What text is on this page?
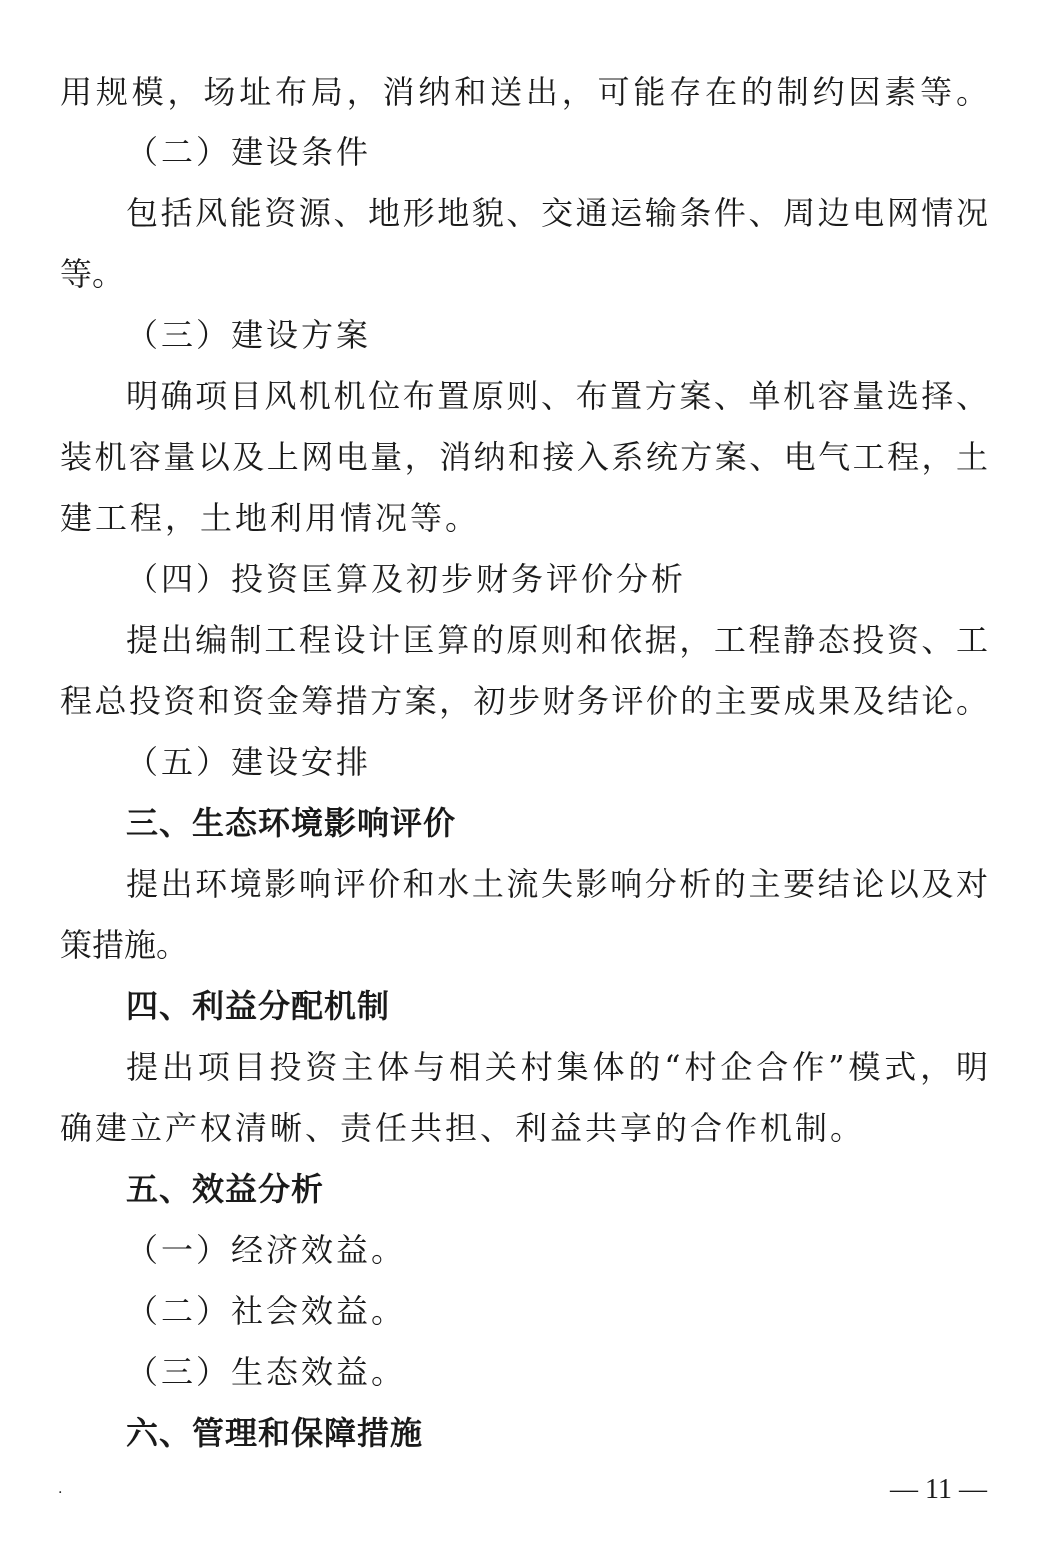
用规模，场址布局，消纳和送出，可能存在的制约因素等。
（二）建设条件
包括风能资源、地形地貌、交通运输条件、周边电网情况
等。
（三）建设方案
明确项目风机机位布置原则、布置方案、单机容量选择、
装机容量以及上网电量，消纳和接入系统方案、电气工程，土
建工程，土地利用情况等。
（四）投资匡算及初步财务评价分析
提出编制工程设计匡算的原则和依据，工程静态投资、工
程总投资和资金筹措方案，初步财务评价的主要成果及结论。
（五）建设安排
三、生态环境影响评价
提出环境影响评价和水土流失影响分析的主要结论以及对
策措施。
四、利益分配机制
提出项目投资主体与相关村集体的“村企合作”模式，明
确建立产权清晰、责任共担、利益共享的合作机制。
五、效益分析
（一）经济效益。
（二）社会效益。
（三）生态效益。
六、管理和保障措施
.	— 11 —
